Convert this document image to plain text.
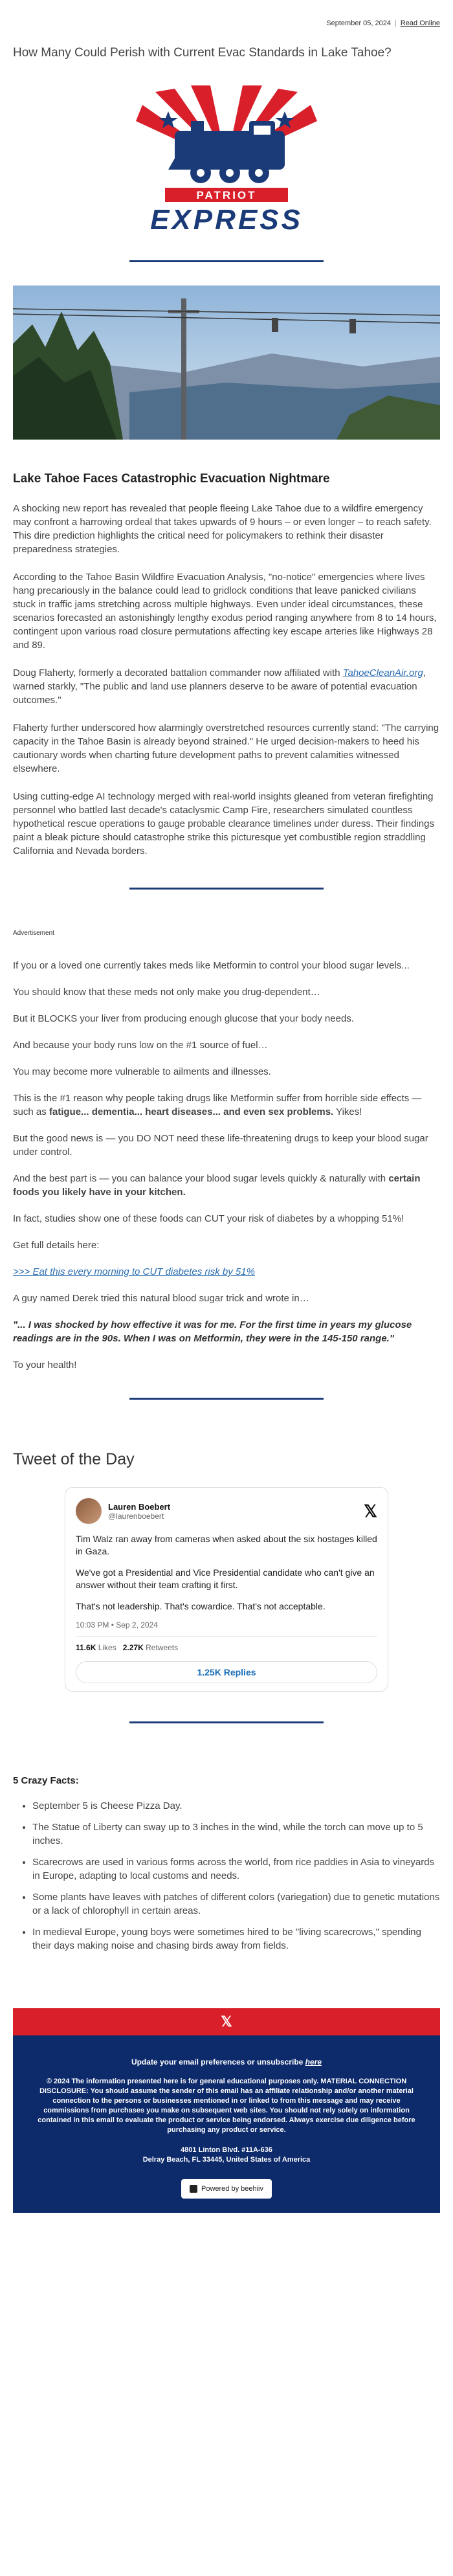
September 05, 2024 | Read Online
How Many Could Perish with Current Evac Standards in Lake Tahoe?
PATRIOT
EXPRESS
Lake Tahoe Faces Catastrophic Evacuation Nightmare

A shocking new report has revealed that people fleeing Lake Tahoe due to a wildfire emergency may confront a harrowing ordeal that takes upwards of 9 hours – or even longer – to reach safety. This dire prediction highlights the critical need for policymakers to rethink their disaster preparedness strategies.

According to the Tahoe Basin Wildfire Evacuation Analysis, "no-notice" emergencies where lives hang precariously in the balance could lead to gridlock conditions that leave panicked civilians stuck in traffic jams stretching across multiple highways. Even under ideal circumstances, these scenarios forecasted an astonishingly lengthy exodus period ranging anywhere from 8 to 14 hours, contingent upon various road closure permutations affecting key escape arteries like Highways 28 and 89.

Doug Flaherty, formerly a decorated battalion commander now affiliated with TahoeCleanAir.org, warned starkly, "The public and land use planners deserve to be aware of potential evacuation outcomes."

Flaherty further underscored how alarmingly overstretched resources currently stand: "The carrying capacity in the Tahoe Basin is already beyond strained." He urged decision-makers to heed his cautionary words when charting future development paths to prevent calamities witnessed elsewhere.

Using cutting-edge AI technology merged with real-world insights gleaned from veteran firefighting personnel who battled last decade's cataclysmic Camp Fire, researchers simulated countless hypothetical rescue operations to gauge probable clearance timelines under duress. Their findings paint a bleak picture should catastrophe strike this picturesque yet combustible region straddling California and Nevada borders.

Advertisement

If you or a loved one currently takes meds like Metformin to control your blood sugar levels...

You should know that these meds not only make you drug-dependent…

But it BLOCKS your liver from producing enough glucose that your body needs.

And because your body runs low on the #1 source of fuel…

You may become more vulnerable to ailments and illnesses.

This is the #1 reason why people taking drugs like Metformin suffer from horrible side effects — such as fatigue... dementia... heart diseases... and even sex problems. Yikes!

But the good news is — you DO NOT need these life-threatening drugs to keep your blood sugar under control.

And the best part is — you can balance your blood sugar levels quickly & naturally with certain foods you likely have in your kitchen.

In fact, studies show one of these foods can CUT your risk of diabetes by a whopping 51%!

Get full details here:

>>> Eat this every morning to CUT diabetes risk by 51%

A guy named Derek tried this natural blood sugar trick and wrote in…

"... I was shocked by how effective it was for me. For the first time in years my glucose readings are in the 90s. When I was on Metformin, they were in the 145-150 range."

To your health!

Tweet of the Day
Lauren Boebert
@laurenboebert	𝕏

Tim Walz ran away from cameras when asked about the six hostages killed in Gaza.

We've got a Presidential and Vice Presidential candidate who can't give an answer without their team crafting it first.

That's not leadership. That's cowardice. That's not acceptable.

10:03 PM • Sep 2, 2024
11.6K Likes 2.27K Retweets
1.25K Replies
5 Crazy Facts:
• September 5 is Cheese Pizza Day.
• The Statue of Liberty can sway up to 3 inches in the wind, while the torch can move up to 5 inches.
• Scarecrows are used in various forms across the world, from rice paddies in Asia to vineyards in Europe, adapting to local customs and needs.
• Some plants have leaves with patches of different colors (variegation) due to genetic mutations or a lack of chlorophyll in certain areas.
• In medieval Europe, young boys were sometimes hired to be "living scarecrows," spending their days making noise and chasing birds away from fields.
𝕏
Update your email preferences or unsubscribe here
© 2024 The information presented here is for general educational purposes only. MATERIAL CONNECTION DISCLOSURE: You should assume the sender of this email has an affiliate relationship and/or another material connection to the persons or businesses mentioned in or linked to from this message and may receive commissions from purchases you make on subsequent web sites. You should not rely solely on information contained in this email to evaluate the product or service being endorsed. Always exercise due diligence before purchasing any product or service.
4801 Linton Blvd. #11A-636
Delray Beach, FL 33445, United States of America
Powered by beehiiv
